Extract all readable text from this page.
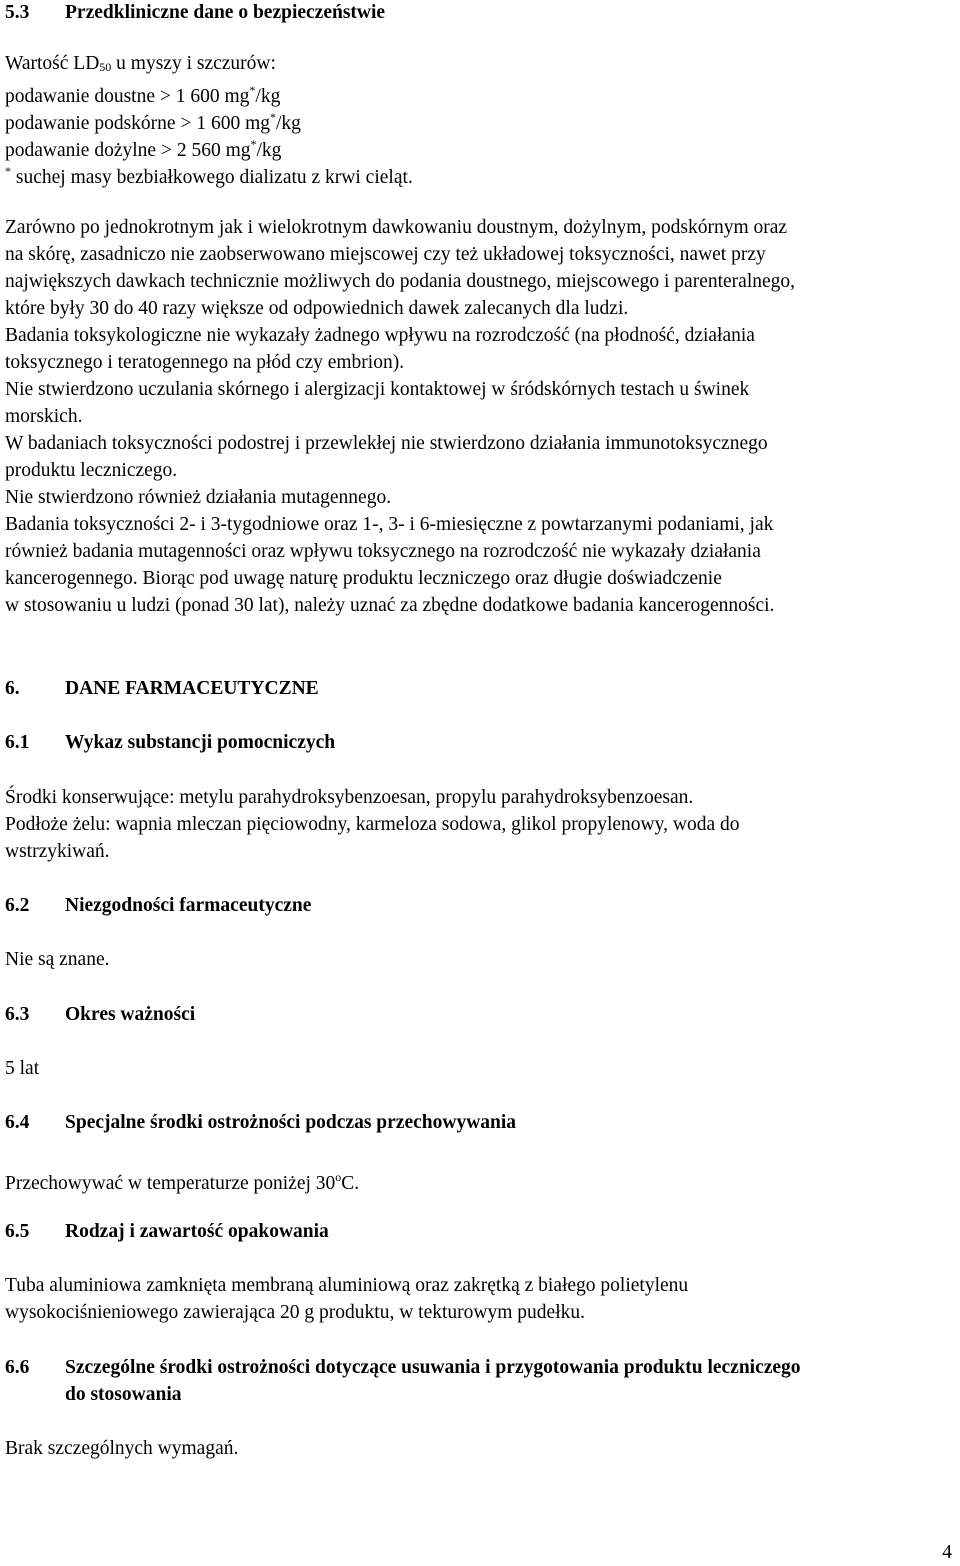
5.3 Przedkliniczne dane o bezpieczeństwie
Wartość LD50 u myszy i szczurów:
podawanie doustne > 1 600 mg*/kg
podawanie podskórne > 1 600 mg*/kg
podawanie dożylne > 2 560 mg*/kg
* suchej masy bezbiałkowego dializatu z krwi cieląt.
Zarówno po jednokrotnym jak i wielokrotnym dawkowaniu doustnym, dożylnym, podskórnym oraz
na skórę, zasadniczo nie zaobserwowano miejscowej czy też układowej toksyczności, nawet przy
największych dawkach technicznie możliwych do podania doustnego, miejscowego i parenteralnego,
które były 30 do 40 razy większe od odpowiednich dawek zalecanych dla ludzi.
Badania toksykologiczne nie wykazały żadnego wpływu na rozrodczość (na płodność, działania
toksycznego i teratogennego na płód czy embrion).
Nie stwierdzono uczulania skórnego i alergizacji kontaktowej w śródskórnych testach u świnek
morskich.
W badaniach toksyczności podostrej i przewlekłej nie stwierdzono działania immunotoksycznego
produktu leczniczego.
Nie stwierdzono również działania mutagennego.
Badania toksyczności 2- i 3-tygodniowe oraz 1-, 3- i 6-miesięczne z powtarzanymi podaniami, jak
również badania mutagenności oraz wpływu toksycznego na rozrodczość nie wykazały działania
kancerogennego. Biorąc pod uwagę naturę produktu leczniczego oraz długie doświadczenie
w stosowaniu u ludzi (ponad 30 lat), należy uznać za zbędne dodatkowe badania kancerogenności.
6. DANE FARMACEUTYCZNE
6.1 Wykaz substancji pomocniczych
Środki konserwujące: metylu parahydroksybenzoesan, propylu parahydroksybenzoesan.
Podłoże żelu: wapnia mleczan pięciowodny, karmeloza sodowa, glikol propylenowy, woda do
wstrzykiwań.
6.2 Niezgodności farmaceutyczne
Nie są znane.
6.3 Okres ważności
5 lat
6.4 Specjalne środki ostrożności podczas przechowywania
Przechowywać w temperaturze poniżej 30$^o$C.
6.5 Rodzaj i zawartość opakowania
Tuba aluminiowa zamknięta membraną aluminiową oraz zakrętką z białego polietylenu
wysokociśnieniowego zawierająca 20 g produktu, w tekturowym pudełku.
6.6 Szczególne środki ostrożności dotyczące usuwania i przygotowania produktu leczniczego
do stosowania
Brak szczególnych wymagań.
4
